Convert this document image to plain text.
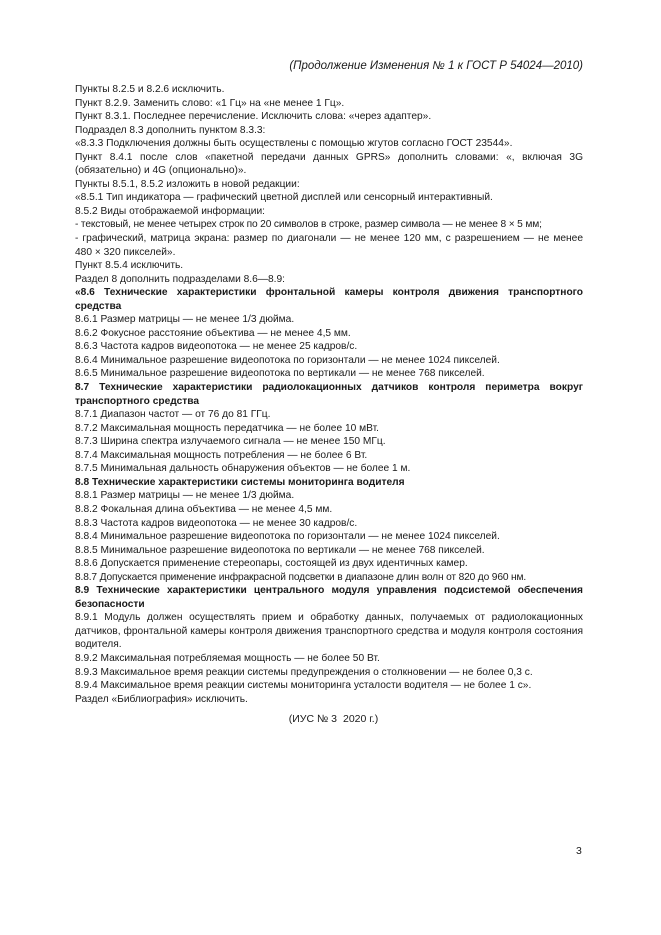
(Продолжение Изменения № 1 к ГОСТ Р 54024—2010)

Пункты 8.2.5 и 8.2.6 исключить.

Пункт 8.2.9. Заменить слово: «1 Гц» на «не менее 1 Гц».

Пункт 8.3.1. Последнее перечисление. Исключить слова: «через адаптер».

Подраздел 8.3 дополнить пунктом 8.3.3:

«8.3.3 Подключения должны быть осуществлены с помощью жгутов согласно ГОСТ 23544».

Пункт 8.4.1 после слов «пакетной передачи данных GPRS» дополнить словами: «, включая 3G (обязательно) и 4G (опционально)».

Пункты 8.5.1, 8.5.2 изложить в новой редакции:

«8.5.1 Тип индикатора — графический цветной дисплей или сенсорный интерактивный.

8.5.2 Виды отображаемой информации:

- текстовый, не менее четырех строк по 20 символов в строке, размер символа — не менее 8 × 5 мм;

- графический, матрица экрана: размер по диагонали — не менее 120 мм, с разрешением — не менее 480 × 320 пикселей».

Пункт 8.5.4 исключить.

Раздел 8 дополнить подразделами 8.6—8.9:

«8.6 Технические характеристики фронтальной камеры контроля движения транспортного средства

8.6.1 Размер матрицы — не менее 1/3 дюйма.

8.6.2 Фокусное расстояние объектива — не менее 4,5 мм.

8.6.3 Частота кадров видеопотока — не менее 25 кадров/с.

8.6.4 Минимальное разрешение видеопотока по горизонтали — не менее 1024 пикселей.

8.6.5 Минимальное разрешение видеопотока по вертикали — не менее 768 пикселей.

8.7 Технические характеристики радиолокационных датчиков контроля периметра вокруг транспортного средства

8.7.1 Диапазон частот — от 76 до 81 ГГц.

8.7.2 Максимальная мощность передатчика — не более 10 мВт.

8.7.3 Ширина спектра излучаемого сигнала — не менее 150 МГц.

8.7.4 Максимальная мощность потребления — не более 6 Вт.

8.7.5 Минимальная дальность обнаружения объектов — не более 1 м.

8.8 Технические характеристики системы мониторинга водителя

8.8.1 Размер матрицы — не менее 1/3 дюйма.

8.8.2 Фокальная длина объектива — не менее 4,5 мм.

8.8.3 Частота кадров видеопотока — не менее 30 кадров/с.

8.8.4 Минимальное разрешение видеопотока по горизонтали — не менее 1024 пикселей.

8.8.5 Минимальное разрешение видеопотока по вертикали — не менее 768 пикселей.

8.8.6 Допускается применение стереопары, состоящей из двух идентичных камер.

8.8.7 Допускается применение инфракрасной подсветки в диапазоне длин волн от 820 до 960 нм.

8.9 Технические характеристики центрального модуля управления подсистемой обеспечения безопасности

8.9.1 Модуль должен осуществлять прием и обработку данных, получаемых от радиолокационных датчиков, фронтальной камеры контроля движения транспортного средства и модуля контроля состояния водителя.

8.9.2 Максимальная потребляемая мощность — не более 50 Вт.

8.9.3 Максимальное время реакции системы предупреждения о столкновении — не более 0,3 с.

8.9.4 Максимальное время реакции системы мониторинга усталости водителя — не более 1 с».

Раздел «Библиография» исключить.

(ИУС № 3 2020 г.)
3
